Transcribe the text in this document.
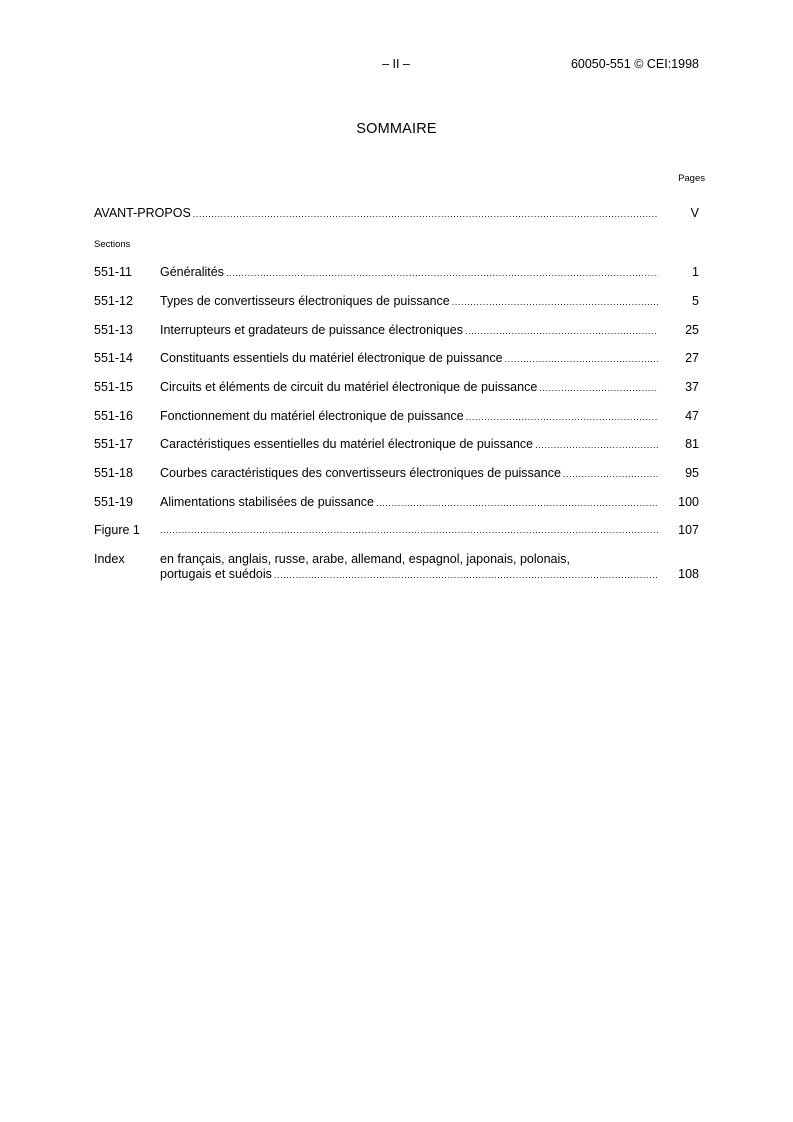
– II –	60050-551 © CEI:1998
SOMMAIRE
Pages
AVANT-PROPOS .....	V
Sections
551-11 Généralités .....	1
551-12 Types de convertisseurs électroniques de puissance .....	5
551-13 Interrupteurs et gradateurs de puissance électroniques .....	25
551-14 Constituants essentiels du matériel électronique de puissance .....	27
551-15 Circuits et éléments de circuit du matériel électronique de puissance .....	37
551-16 Fonctionnement du matériel électronique de puissance .....	47
551-17 Caractéristiques essentielles du matériel électronique de puissance .....	81
551-18 Courbes caractéristiques des convertisseurs électroniques de puissance .....	95
551-19 Alimentations stabilisées de puissance .....	100
Figure 1 .....	107
Index	en français, anglais, russe, arabe, allemand, espagnol, japonais, polonais,
portugais et suédois .....	108
